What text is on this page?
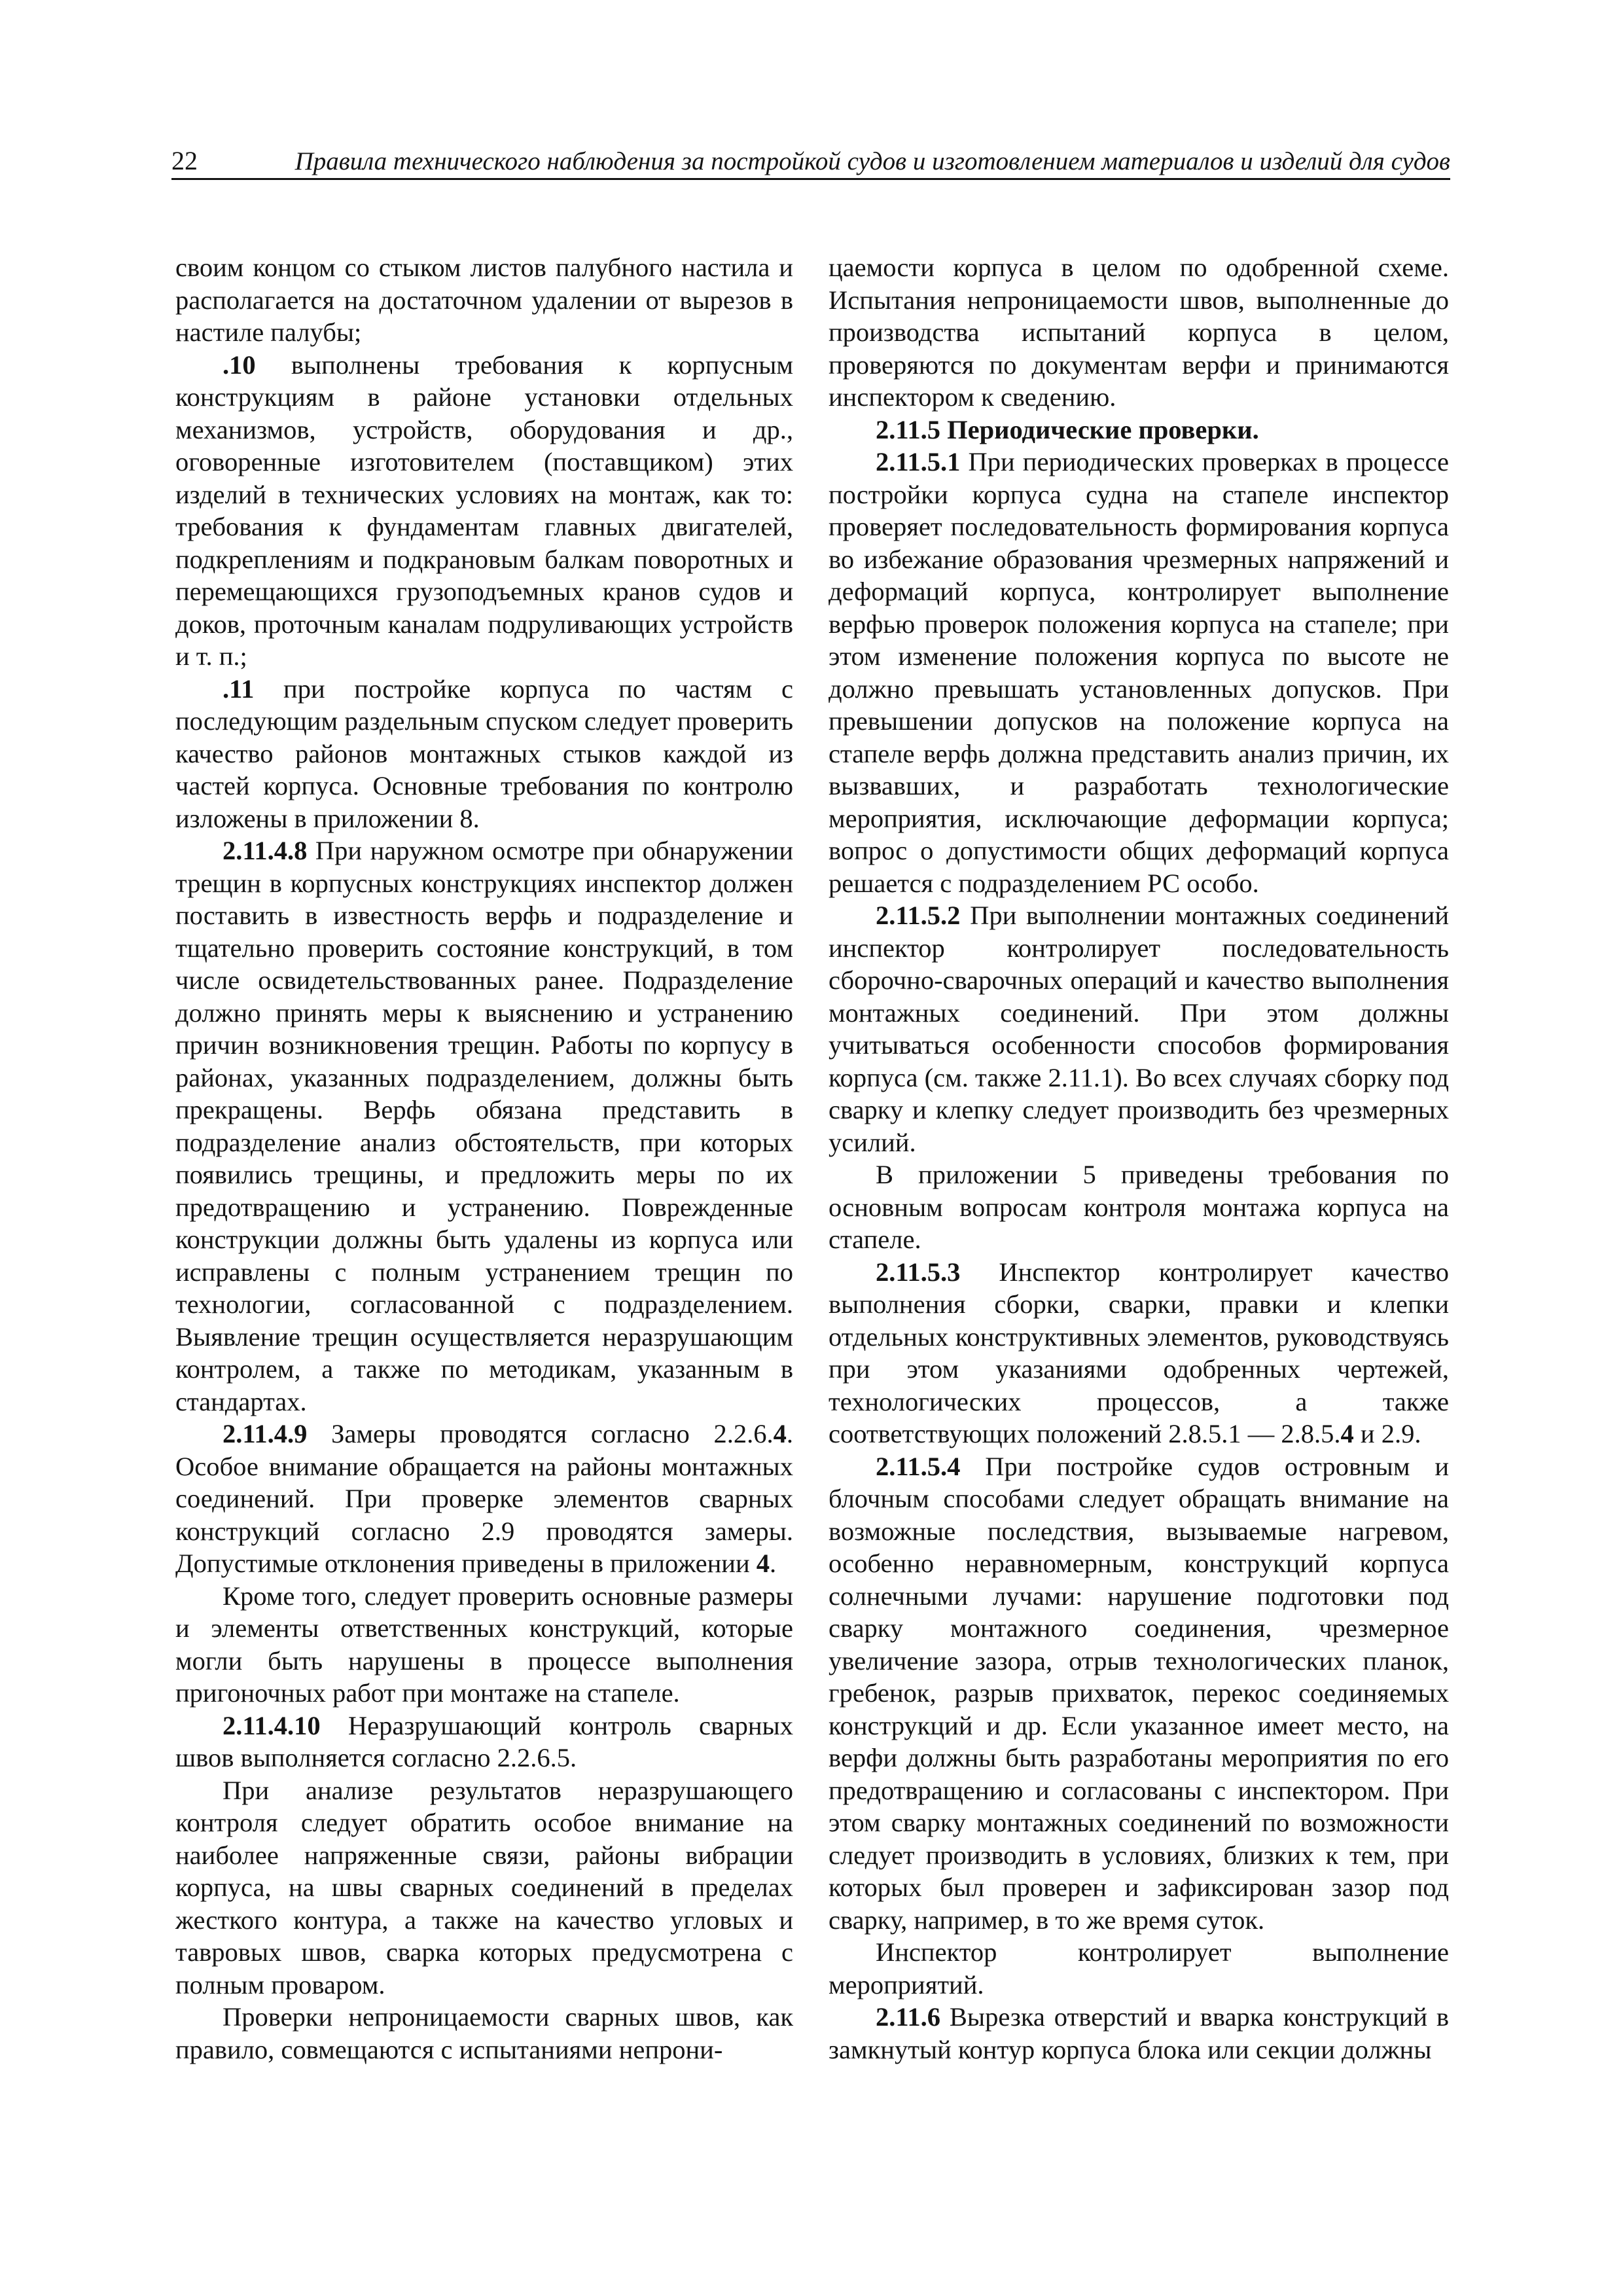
22	Правила технического наблюдения за постройкой судов и изготовлением материалов и изделий для судов

своим концом со стыком листов палубного настила и располагается на достаточном удалении от вырезов в настиле палубы;

.10 выполнены требования к корпусным конструкциям в районе установки отдельных механизмов, устройств, оборудования и др., оговоренные изготовителем (поставщиком) этих изделий в технических условиях на монтаж, как то: требования к фундаментам главных двигателей, подкреплениям и подкрановым балкам поворотных и перемещающихся грузоподъемных кранов судов и доков, проточным каналам подруливающих устройств и т. п.;

.11 при постройке корпуса по частям с последующим раздельным спуском следует проверить качество районов монтажных стыков каждой из частей корпуса. Основные требования по контролю изложены в приложении 8.

2.11.4.8 При наружном осмотре при обнаружении трещин в корпусных конструкциях инспектор должен поставить в известность верфь и подразделение и тщательно проверить состояние конструкций, в том числе освидетельствованных ранее. Подразделение должно принять меры к выяснению и устранению причин возникновения трещин. Работы по корпусу в районах, указанных подразделением, должны быть прекращены. Верфь обязана представить в подразделение анализ обстоятельств, при которых появились трещины, и предложить меры по их предотвращению и устранению. Поврежденные конструкции должны быть удалены из корпуса или исправлены с полным устранением трещин по технологии, согласованной с подразделением. Выявление трещин осуществляется неразрушающим контролем, а также по методикам, указанным в стандартах.

2.11.4.9 Замеры проводятся согласно 2.2.6.4. Особое внимание обращается на районы монтажных соединений. При проверке элементов сварных конструкций согласно 2.9 проводятся замеры. Допустимые отклонения приведены в приложении 4.

Кроме того, следует проверить основные размеры и элементы ответственных конструкций, которые могли быть нарушены в процессе выполнения пригоночных работ при монтаже на стапеле.

2.11.4.10 Неразрушающий контроль сварных швов выполняется согласно 2.2.6.5.

При анализе результатов неразрушающего контроля следует обратить особое внимание на наиболее напряженные связи, районы вибрации корпуса, на швы сварных соединений в пределах жесткого контура, а также на качество угловых и тавровых швов, сварка которых предусмотрена с полным проваром.

Проверки непроницаемости сварных швов, как правило, совмещаются с испытаниями непрони-

цаемости корпуса в целом по одобренной схеме. Испытания непроницаемости швов, выполненные до производства испытаний корпуса в целом, проверяются по документам верфи и принимаются инспектором к сведению.

2.11.5 Периодические проверки.

2.11.5.1 При периодических проверках в процессе постройки корпуса судна на стапеле инспектор проверяет последовательность формирования корпуса во избежание образования чрезмерных напряжений и деформаций корпуса, контролирует выполнение верфью проверок положения корпуса на стапеле; при этом изменение положения корпуса по высоте не должно превышать установленных допусков. При превышении допусков на положение корпуса на стапеле верфь должна представить анализ причин, их вызвавших, и разработать технологические мероприятия, исключающие деформации корпуса; вопрос о допустимости общих деформаций корпуса решается с подразделением РС особо.

2.11.5.2 При выполнении монтажных соединений инспектор контролирует последовательность сборочно-сварочных операций и качество выполнения монтажных соединений. При этом должны учитываться особенности способов формирования корпуса (см. также 2.11.1). Во всех случаях сборку под сварку и клепку следует производить без чрезмерных усилий.

В приложении 5 приведены требования по основным вопросам контроля монтажа корпуса на стапеле.

2.11.5.3 Инспектор контролирует качество выполнения сборки, сварки, правки и клепки отдельных конструктивных элементов, руководствуясь при этом указаниями одобренных чертежей, технологических процессов, а также соответствующих положений 2.8.5.1 — 2.8.5.4 и 2.9.

2.11.5.4 При постройке судов островным и блочным способами следует обращать внимание на возможные последствия, вызываемые нагревом, особенно неравномерным, конструкций корпуса солнечными лучами: нарушение подготовки под сварку монтажного соединения, чрезмерное увеличение зазора, отрыв технологических планок, гребенок, разрыв прихваток, перекос соединяемых конструкций и др. Если указанное имеет место, на верфи должны быть разработаны мероприятия по его предотвращению и согласованы с инспектором. При этом сварку монтажных соединений по возможности следует производить в условиях, близких к тем, при которых был проверен и зафиксирован зазор под сварку, например, в то же время суток.

Инспектор контролирует выполнение мероприятий.

2.11.6 Вырезка отверстий и вварка конструкций в замкнутый контур корпуса блока или секции должны
